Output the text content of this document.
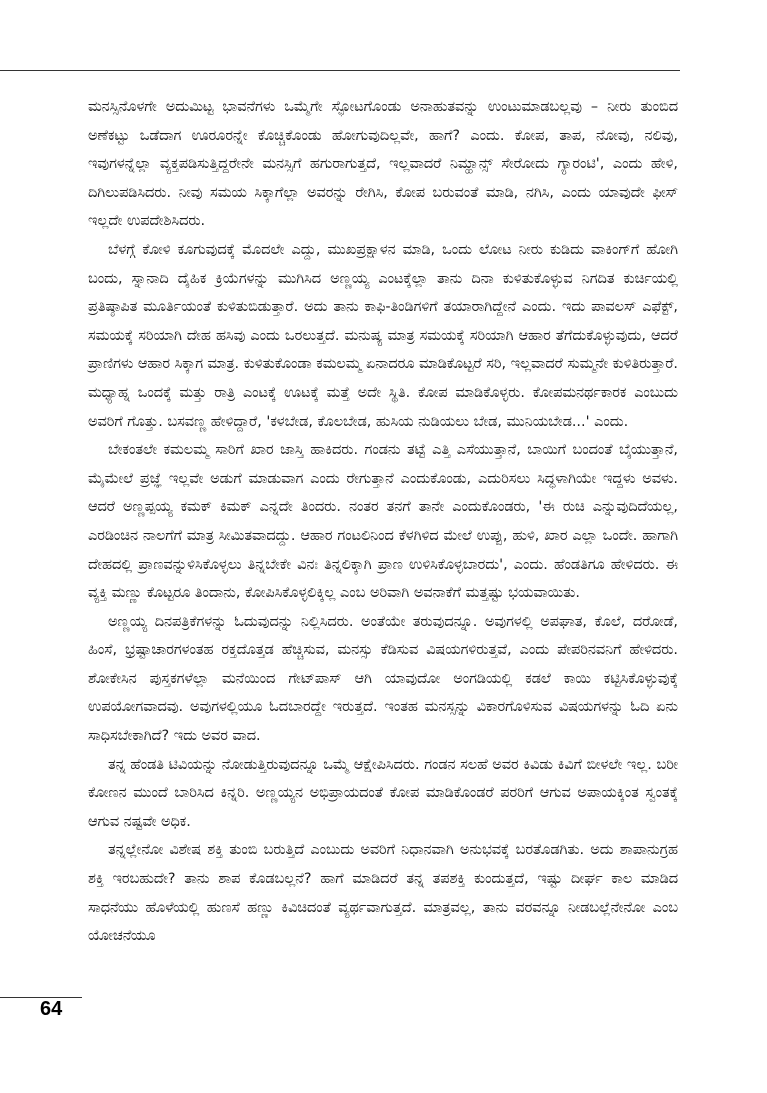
ಮನಸ್ಸಿನೊಳಗೇ ಅದುಮಿಟ್ಟ ಭಾವನೆಗಳು ಒಮ್ಮೆಗೇ ಸ್ಫೋಟಗೊಂಡು ಅನಾಹುತವನ್ನು ಉಂಟುಮಾಡಬಲ್ಲವು – ನೀರು ತುಂಬಿದ ಅಣೆಕಟ್ಟು ಒಡೆದಾಗ ಊರೂರನ್ನೇ ಕೊಚ್ಚಿಕೊಂಡು ಹೋಗುವುದಿಲ್ಲವೇ, ಹಾಗೆ? ಎಂದು. ಕೋಪ, ತಾಪ, ನೋವು, ನಲಿವು, ಇವುಗಳನ್ನೆಲ್ಲಾ ವ್ಯಕ್ತಪಡಿಸುತ್ತಿದ್ದರೇನೇ ಮನಸ್ಸಿಗೆ ಹಗುರಾಗುತ್ತದೆ, ಇಲ್ಲವಾದರೆ ನಿಮ್ಹಾನ್ಸ್ ಸೇರೋದು ಗ್ಯಾರಂಟಿ', ಎಂದು ಹೇಳಿ, ದಿಗಿಲುಪಡಿಸಿದರು. ನೀವು ಸಮಯ ಸಿಕ್ಕಾಗೆಲ್ಲಾ ಅವರನ್ನು ರೇಗಿಸಿ, ಕೋಪ ಬರುವಂತೆ ಮಾಡಿ, ನಗಿಸಿ, ಎಂದು ಯಾವುದೇ ಫೀಸ್ ಇಲ್ಲದೇ ಉಪದೇಶಿಸಿದರು.

ಬೆಳಗ್ಗೆ ಕೋಳಿ ಕೂಗುವುದಕ್ಕೆ ಮೊದಲೇ ಎದ್ದು, ಮುಖಪ್ರಕ್ಷಾಳನ ಮಾಡಿ, ಒಂದು ಲೋಟ ನೀರು ಕುಡಿದು ವಾಕಿಂಗ್‌ಗೆ ಹೋಗಿ ಬಂದು, ಸ್ನಾನಾದಿ ದೈಹಿಕ ಕ್ರಿಯೆಗಳನ್ನು ಮುಗಿಸಿದ ಅಣ್ಣಯ್ಯ ಎಂಟಕ್ಕೆಲ್ಲಾ ತಾನು ದಿನಾ ಕುಳಿತುಕೊಳ್ಳುವ ನಿಗದಿತ ಕುರ್ಚಿಯಲ್ಲಿ ಪ್ರತಿಷ್ಠಾಪಿತ ಮೂರ್ತಿಯಂತೆ ಕುಳಿತುಬಿಡುತ್ತಾರೆ. ಅದು ತಾನು ಕಾಫಿ-ತಿಂಡಿಗಳಿಗೆ ತಯಾರಾಗಿದ್ದೇನೆ ಎಂದು. ಇದು ಪಾವಲಸ್ ಎಫೆಕ್ಟ್, ಸಮಯಕ್ಕೆ ಸರಿಯಾಗಿ ದೇಹ ಹಸಿವು ಎಂದು ಒರಲುತ್ತದೆ. ಮನುಷ್ಯ ಮಾತ್ರ ಸಮಯಕ್ಕೆ ಸರಿಯಾಗಿ ಆಹಾರ ತೆಗೆದುಕೊಳ್ಳುವುದು, ಆದರೆ ಪ್ರಾಣಿಗಳು ಆಹಾರ ಸಿಕ್ಕಾಗ ಮಾತ್ರ. ಕುಳಿತುಕೊಂಡಾ ಕಮಲಮ್ಮ ಏನಾದರೂ ಮಾಡಿಕೊಟ್ಟರೆ ಸರಿ, ಇಲ್ಲವಾದರೆ ಸುಮ್ಮನೇ ಕುಳಿತಿರುತ್ತಾರೆ. ಮಧ್ಯಾಹ್ನ ಒಂದಕ್ಕೆ ಮತ್ತು ರಾತ್ರಿ ಎಂಟಕ್ಕೆ ಊಟಕ್ಕೆ ಮತ್ತೆ ಅದೇ ಸ್ಥಿತಿ. ಕೋಪ ಮಾಡಿಕೊಳ್ಳರು. ಕೋಪಮನರ್ಥಕಾರಕ ಎಂಬುದು ಅವರಿಗೆ ಗೊತ್ತು. ಬಸವಣ್ಣ ಹೇಳಿದ್ದಾರೆ, 'ಕಳಬೇಡ, ಕೊಲಬೇಡ, ಹುಸಿಯ ನುಡಿಯಲು ಬೇಡ, ಮುನಿಯಬೇಡ...' ಎಂದು.

ಬೇಕಂತಲೇ ಕಮಲಮ್ಮ ಸಾರಿಗೆ ಖಾರ ಜಾಸ್ತಿ ಹಾಕಿದರು. ಗಂಡನು ತಟ್ಟೆ ಎತ್ತಿ ಎಸೆಯುತ್ತಾನೆ, ಬಾಯಿಗೆ ಬಂದಂತೆ ಬೈಯುತ್ತಾನೆ, ಮೈಮೇಲೆ ಪ್ರಜ್ಞೆ ಇಲ್ಲವೇ ಅಡುಗೆ ಮಾಡುವಾಗ ಎಂದು ರೇಗುತ್ತಾನೆ ಎಂದುಕೊಂಡು, ಎದುರಿಸಲು ಸಿದ್ಧಳಾಗಿಯೇ ಇದ್ದಳು ಅವಳು. ಆದರೆ ಅಣ್ಣಪ್ಪಯ್ಯ ಕಮಕ್ ಕಿಮಕ್ ಎನ್ನದೇ ತಿಂದರು. ನಂತರ ತನಗೆ ತಾನೇ ಎಂದುಕೊಂಡರು, 'ಈ ರುಚಿ ಎನ್ನುವುದಿದೆಯಲ್ಲ, ಎರಡಿಂಚಿನ ನಾಲಗೆಗೆ ಮಾತ್ರ ಸೀಮಿತವಾದದ್ದು. ಆಹಾರ ಗಂಟಲಿನಿಂದ ಕೆಳಗಿಳಿದ ಮೇಲೆ ಉಪ್ಪು, ಹುಳಿ, ಖಾರ ಎಲ್ಲಾ ಒಂದೇ. ಹಾಗಾಗಿ ದೇಹದಲ್ಲಿ ಪ್ರಾಣವನ್ನುಳಿಸಿಕೊಳ್ಳಲು ತಿನ್ನಬೇಕೇ ವಿನಃ ತಿನ್ನಲಿಕ್ಕಾಗಿ ಪ್ರಾಣ ಉಳಿಸಿಕೊಳ್ಳಬಾರದು', ಎಂದು. ಹೆಂಡತಿಗೂ ಹೇಳಿದರು. ಈ ವ್ಯಕ್ತಿ ಮಣ್ಣು ಕೊಟ್ಟರೂ ತಿಂದಾನು, ಕೋಪಿಸಿಕೊಳ್ಳಲಿಕ್ಕಿಲ್ಲ ಎಂಬ ಅರಿವಾಗಿ ಅವನಾಕೆಗೆ ಮತ್ತಷ್ಟು ಭಯವಾಯಿತು.

ಅಣ್ಣಯ್ಯ ದಿನಪತ್ರಿಕೆಗಳನ್ನು ಓದುವುದನ್ನು ನಿಲ್ಲಿಸಿದರು. ಅಂತೆಯೇ ತರುವುದನ್ನೂ. ಅವುಗಳಲ್ಲಿ ಅಪಘಾತ, ಕೊಲೆ, ದರೋಡೆ, ಹಿಂಸೆ, ಭ್ರಷ್ಟಾಚಾರಗಳಂತಹ ರಕ್ತದೊತ್ತಡ ಹೆಚ್ಚಿಸುವ, ಮನಸ್ಸು ಕೆಡಿಸುವ ವಿಷಯಗಳಿರುತ್ತವೆ, ಎಂದು ಪೇಪರಿನವನಿಗೆ ಹೇಳಿದರು. ಶೋಕೇಸಿನ ಪುಸ್ತಕಗಳೆಲ್ಲಾ ಮನೆಯಿಂದ ಗೇಟ್‌ಪಾಸ್ ಆಗಿ ಯಾವುದೋ ಅಂಗಡಿಯಲ್ಲಿ ಕಡಲೆ ಕಾಯಿ ಕಟ್ಟಿಸಿಕೊಳ್ಳುವುಕ್ಕೆ ಉಪಯೋಗವಾದವು. ಅವುಗಳಲ್ಲಿಯೂ ಓದಬಾರದ್ದೇ ಇರುತ್ತದೆ. ಇಂತಹ ಮನಸ್ಸನ್ನು ವಿಕಾರಗೊಳಿಸುವ ವಿಷಯಗಳನ್ನು ಓದಿ ಏನು ಸಾಧಿಸಬೇಕಾಗಿದೆ? ಇದು ಅವರ ವಾದ.

ತನ್ನ ಹೆಂಡತಿ ಟಿವಿಯನ್ನು ನೋಡುತ್ತಿರುವುದನ್ನೂ ಒಮ್ಮೆ ಆಕ್ಷೇಪಿಸಿದರು. ಗಂಡನ ಸಲಹೆ ಅವರ ಕಿವಿಡು ಕಿವಿಗೆ ಬೀಳಲೇ ಇಲ್ಲ. ಬರೀ ಕೋಣನ ಮುಂದೆ ಬಾರಿಸಿದ ಕಿನ್ನರಿ. ಅಣ್ಣಯ್ಯನ ಅಭಿಪ್ರಾಯದಂತೆ ಕೋಪ ಮಾಡಿಕೊಂಡರೆ ಪರರಿಗೆ ಆಗುವ ಅಪಾಯಕ್ಕಿಂತ ಸ್ವಂತಕ್ಕೆ ಆಗುವ ನಷ್ಟವೇ ಅಧಿಕ.

ತನ್ನಲ್ಲೇನೋ ವಿಶೇಷ ಶಕ್ತಿ ತುಂಬಿ ಬರುತ್ತಿದೆ ಎಂಬುದು ಅವರಿಗೆ ನಿಧಾನವಾಗಿ ಅನುಭವಕ್ಕೆ ಬರತೊಡಗಿತು. ಅದು ಶಾಪಾನುಗ್ರಹ ಶಕ್ತಿ ಇರಬಹುದೇ? ತಾನು ಶಾಪ ಕೊಡಬಲ್ಲನೆ? ಹಾಗೆ ಮಾಡಿದರೆ ತನ್ನ ತಪಶಕ್ತಿ ಕುಂದುತ್ತದೆ, ಇಷ್ಟು ದೀರ್ಘ ಕಾಲ ಮಾಡಿದ ಸಾಧನೆಯು ಹೊಳೆಯಲ್ಲಿ ಹುಣಸೆ ಹಣ್ಣು ಕಿವಿಚಿದಂತೆ ವ್ಯರ್ಥವಾಗುತ್ತದೆ. ಮಾತ್ರವಲ್ಲ, ತಾನು ವರವನ್ನೂ ನೀಡಬಲ್ಲೆನೇನೋ ಎಂಬ ಯೋಚನೆಯೂ

64
